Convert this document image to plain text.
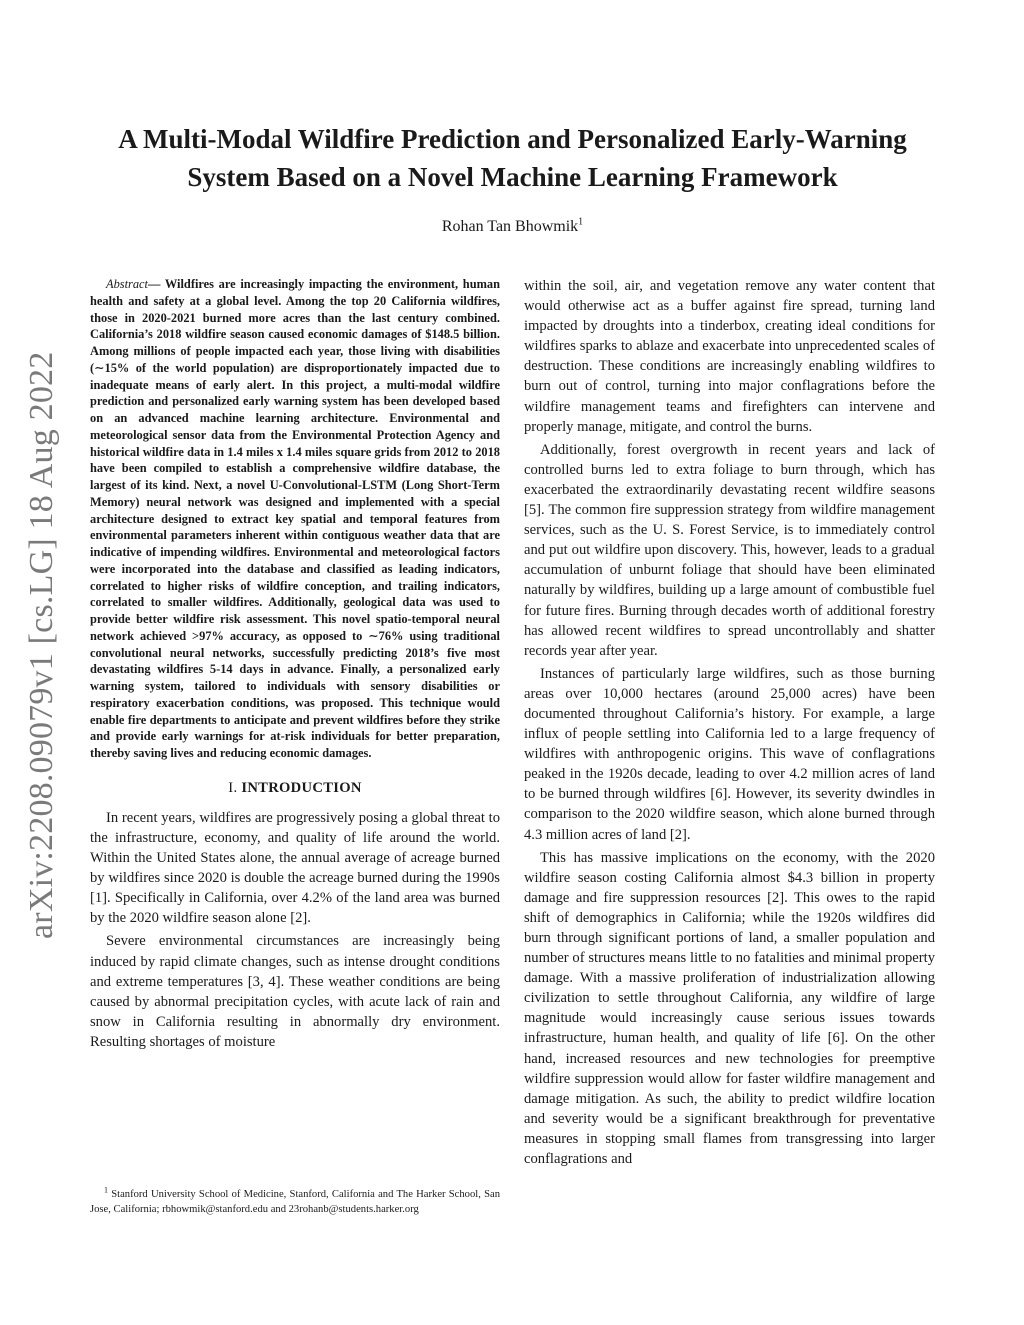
arXiv:2208.09079v1 [cs.LG] 18 Aug 2022
A Multi-Modal Wildfire Prediction and Personalized Early-Warning
System Based on a Novel Machine Learning Framework
Rohan Tan Bhowmik$^1$

Abstract— Wildfires are increasingly impacting the environment, human health and safety at a global level. Among the top 20 California wildfires, those in 2020-2021 burned more acres than the last century combined. California’s 2018 wildfire season caused economic damages of $148.5 billion. Among millions of people impacted each year, those living with disabilities (∼15% of the world population) are disproportionately impacted due to inadequate means of early alert. In this project, a multi-modal wildfire prediction and personalized early warning system has been developed based on an advanced machine learning architecture. Environmental and meteorological sensor data from the Environmental Protection Agency and historical wildfire data in 1.4 miles x 1.4 miles square grids from 2012 to 2018 have been compiled to establish a comprehensive wildfire database, the largest of its kind. Next, a novel U-Convolutional-LSTM (Long Short-Term Memory) neural network was designed and implemented with a special architecture designed to extract key spatial and temporal features from environmental parameters inherent within contiguous weather data that are indicative of impending wildfires. Environmental and meteorological factors were incorporated into the database and classified as leading indicators, correlated to higher risks of wildfire conception, and trailing indicators, correlated to smaller wildfires. Additionally, geological data was used to provide better wildfire risk assessment. This novel spatio-temporal neural network achieved >97% accuracy, as opposed to ∼76% using traditional convolutional neural networks, successfully predicting 2018’s five most devastating wildfires 5-14 days in advance. Finally, a personalized early warning system, tailored to individuals with sensory disabilities or respiratory exacerbation conditions, was proposed. This technique would enable fire departments to anticipate and prevent wildfires before they strike and provide early warnings for at-risk individuals for better preparation, thereby saving lives and reducing economic damages.

I. INTRODUCTION

In recent years, wildfires are progressively posing a global threat to the infrastructure, economy, and quality of life around the world. Within the United States alone, the annual average of acreage burned by wildfires since 2020 is double the acreage burned during the 1990s [1]. Specifically in California, over 4.2% of the land area was burned by the 2020 wildfire season alone [2].

Severe environmental circumstances are increasingly being induced by rapid climate changes, such as intense drought conditions and extreme temperatures [3, 4]. These weather conditions are being caused by abnormal precipitation cycles, with acute lack of rain and snow in California resulting in abnormally dry environment. Resulting shortages of moisture

within the soil, air, and vegetation remove any water content that would otherwise act as a buffer against fire spread, turning land impacted by droughts into a tinderbox, creating ideal conditions for wildfires sparks to ablaze and exacerbate into unprecedented scales of destruction. These conditions are increasingly enabling wildfires to burn out of control, turning into major conflagrations before the wildfire management teams and firefighters can intervene and properly manage, mitigate, and control the burns.

Additionally, forest overgrowth in recent years and lack of controlled burns led to extra foliage to burn through, which has exacerbated the extraordinarily devastating recent wildfire seasons [5]. The common fire suppression strategy from wildfire management services, such as the U. S. Forest Service, is to immediately control and put out wildfire upon discovery. This, however, leads to a gradual accumulation of unburnt foliage that should have been eliminated naturally by wildfires, building up a large amount of combustible fuel for future fires. Burning through decades worth of additional forestry has allowed recent wildfires to spread uncontrollably and shatter records year after year.

Instances of particularly large wildfires, such as those burning areas over 10,000 hectares (around 25,000 acres) have been documented throughout California’s history. For example, a large influx of people settling into California led to a large frequency of wildfires with anthropogenic origins. This wave of conflagrations peaked in the 1920s decade, leading to over 4.2 million acres of land to be burned through wildfires [6]. However, its severity dwindles in comparison to the 2020 wildfire season, which alone burned through 4.3 million acres of land [2].

This has massive implications on the economy, with the 2020 wildfire season costing California almost $4.3 billion in property damage and fire suppression resources [2]. This owes to the rapid shift of demographics in California; while the 1920s wildfires did burn through significant portions of land, a smaller population and number of structures means little to no fatalities and minimal property damage. With a massive proliferation of industrialization allowing civilization to settle throughout California, any wildfire of large magnitude would increasingly cause serious issues towards infrastructure, human health, and quality of life [6]. On the other hand, increased resources and new technologies for preemptive wildfire suppression would allow for faster wildfire management and damage mitigation. As such, the ability to predict wildfire location and severity would be a significant breakthrough for preventative measures in stopping small flames from transgressing into larger conflagrations and

$^1$ Stanford University School of Medicine, Stanford, California and The Harker School, San Jose, California; rbhowmik@stanford.edu and 23rohanb@students.harker.org
